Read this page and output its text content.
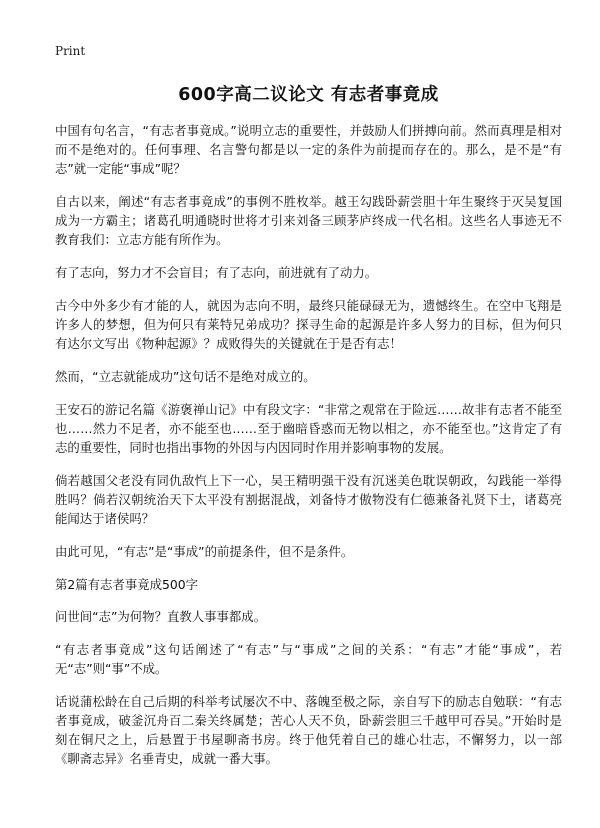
Print
600字高二议论文 有志者事竟成

中国有句名言，“有志者事竟成。”说明立志的重要性，并鼓励人们拼搏向前。然而真理是相对而不是绝对的。任何事理、名言警句都是以一定的条件为前提而存在的。那么，是不是“有志”就一定能“事成”呢？

自古以来，阐述“有志者事竟成”的事例不胜枚举。越王勾践卧薪尝胆十年生聚终于灭吴复国成为一方霸主；诸葛孔明通晓时世将才引来刘备三顾茅庐终成一代名相。这些名人事迹无不教育我们：立志方能有所作为。

有了志向，努力才不会盲目；有了志向，前进就有了动力。

古今中外多少有才能的人，就因为志向不明，最终只能碌碌无为，遗憾终生。在空中飞翔是许多人的梦想，但为何只有莱特兄弟成功？探寻生命的起源是许多人努力的目标，但为何只有达尔文写出《物种起源》？成败得失的关键就在于是否有志！

然而，“立志就能成功”这句话不是绝对成立的。

王安石的游记名篇《游褒禅山记》中有段文字：“非常之观常在于险远……故非有志者不能至也……然力不足者，亦不能至也……至于幽暗昏惑而无物以相之，亦不能至也。”这肯定了有志的重要性，同时也指出事物的外因与内因同时作用并影响事物的发展。

倘若越国父老没有同仇敌忾上下一心，吴王精明强干没有沉迷美色耽误朝政，勾践能一举得胜吗？倘若汉朝统治天下太平没有割据混战，刘备恃才傲物没有仁德兼备礼贤下士，诸葛亮能闻达于诸侯吗？

由此可见，“有志”是“事成”的前提条件，但不是条件。

第2篇有志者事竟成500字

问世间“志”为何物？直教人事事都成。

“有志者事竟成”这句话阐述了“有志”与“事成”之间的关系：“有志”才能“事成”，若无“志”则“事”不成。

话说蒲松龄在自己后期的科举考试屡次不中、落魄至极之际，亲自写下的励志自勉联：“有志者事竟成，破釜沉舟百二秦关终属楚；苦心人天不负，卧薪尝胆三千越甲可吞吴。”开始时是刻在铜尺之上，后悬置于书屋聊斋书房。终于他凭着自己的雄心壮志，不懈努力，以一部《聊斋志异》名垂青史，成就一番大事。
